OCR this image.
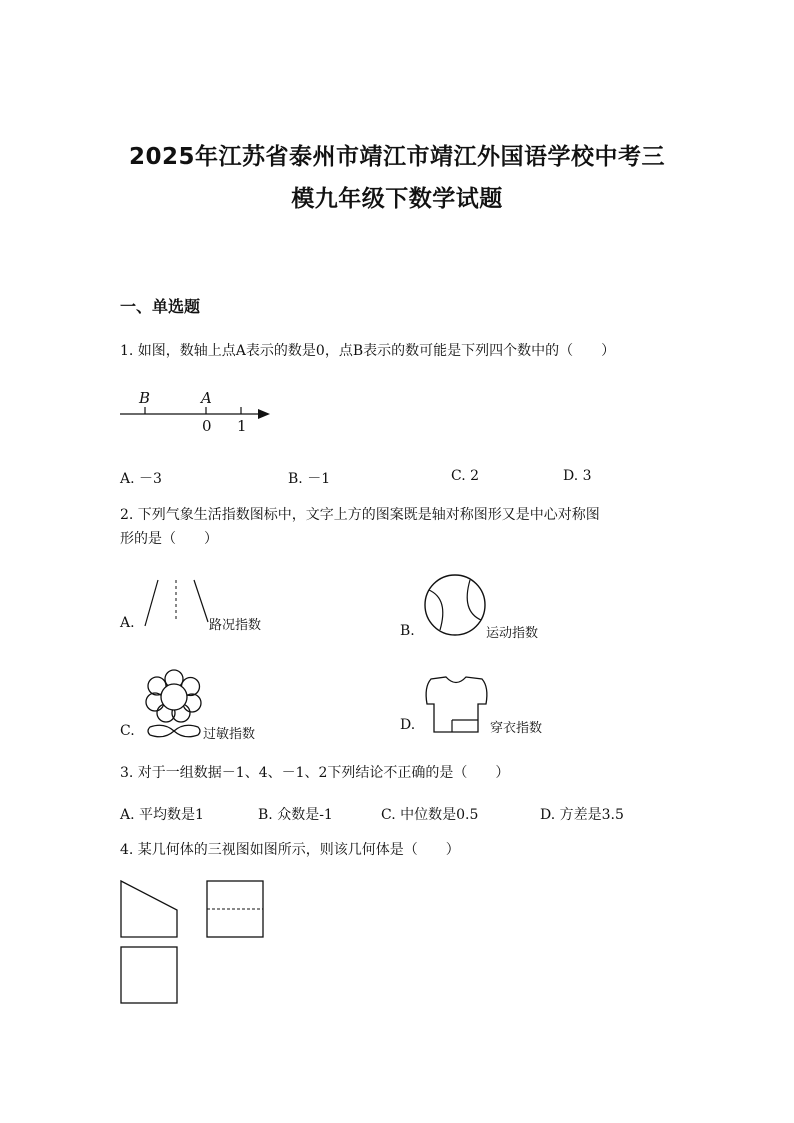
2025年江苏省泰州市靖江市靖江外国语学校中考三
模九年级下数学试题
一、单选题
1. 如图，数轴上点A表示的数是0，点B表示的数可能是下列四个数中的（　　）
B	A
0 1
A. －3	B. －1	C. 2	D. 3
2. 下列气象生活指数图标中，文字上方的图案既是轴对称图形又是中心对称图
形的是（　　）
A.	路况指数	B.	运动指数
C.	过敏指数
D.	穿衣指数
3. 对于一组数据－1、4、－1、2下列结论不正确的是（　　）
A. 平均数是1	B. 众数是-1	C. 中位数是0.5	D. 方差是3.5
4. 某几何体的三视图如图所示，则该几何体是（　　）
